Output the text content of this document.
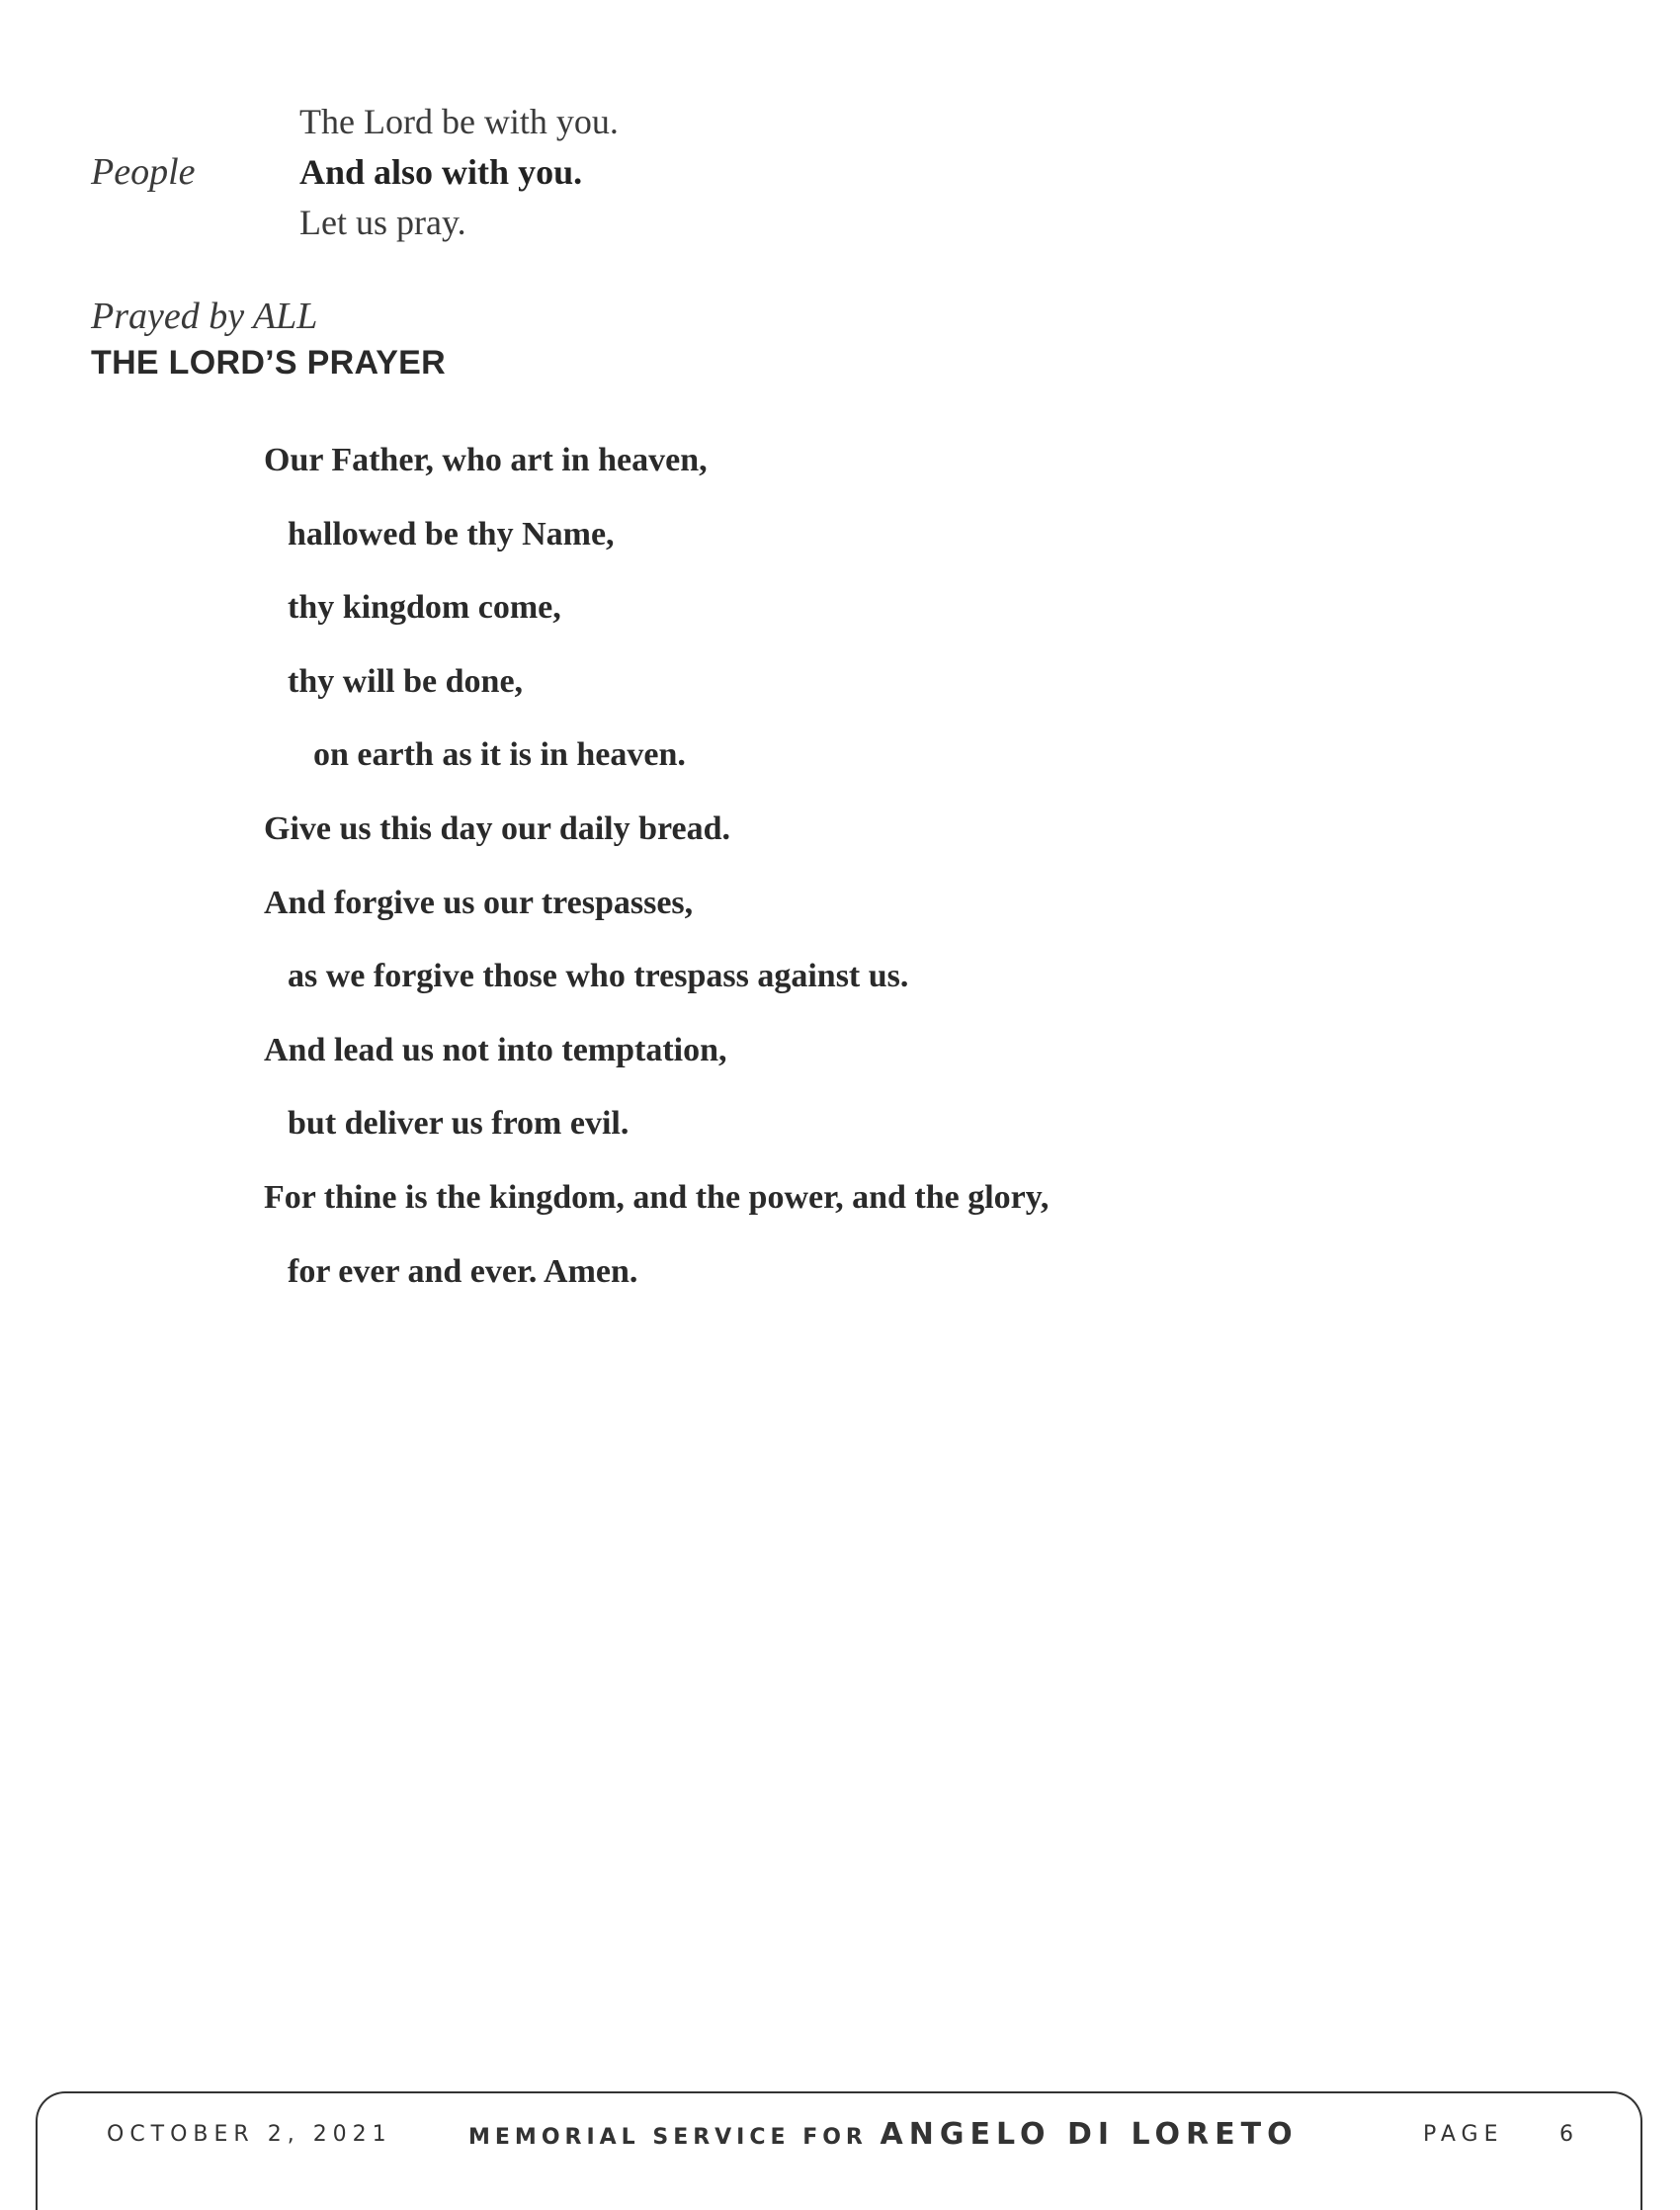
The Lord be with you.
People	And also with you.
Let us pray.
Prayed by ALL
THE LORD’S PRAYER
Our Father, who art in heaven,
hallowed be thy Name,
thy kingdom come,
thy will be done,
on earth as it is in heaven.
Give us this day our daily bread.
And forgive us our trespasses,
as we forgive those who trespass against us.
And lead us not into temptation,
but deliver us from evil.
For thine is the kingdom, and the power, and the glory,
for ever and ever. Amen.
OCTOBER 2, 2021	MEMORIAL SERVICE FOR ANGELO DI LORETO	PAGE	6
